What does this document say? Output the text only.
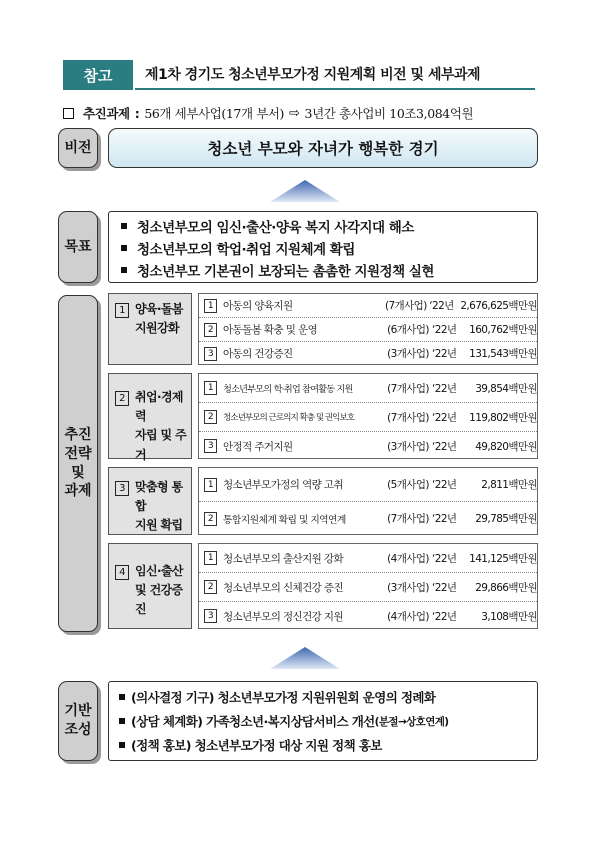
참고	제1차 경기도 청소년부모가정 지원계획 비전 및 세부과제
추진과제 : 56개 세부사업(17개 부서) ⇨ 3년간 총사업비 10조3,084억원
비전	청소년 부모와 자녀가 행복한 경기
목표
청소년부모의 임신·출산·양육 복지 사각지대 해소
청소년부모의 학업·취업 지원체계 확립
청소년부모 기본권이 보장되는 촘촘한 지원정책 실현
추진
전략
및
과제
1 양육·돌봄
지원강화
1 아동의 양육지원	(7개사업) ‘22년 2,676,625백만원
2 아동돌봄 확충 및 운영	(6개사업) ‘22년	160,762백만원
3 아동의 건강증진	(3개사업) ‘22년	131,543백만원
2 취업·경제력
자립 및 주거

1	청소년부모의 학·취업 참여활동 지원	(7개사업) ‘22년	39,854백만원
2	청소년부모의 근로의지 확충 및 권익보호	(7개사업) ‘22년	119,802백만원
3 안정적 주거지원	(3개사업) ‘22년	49,820백만원
3 맞춤형 통합
지원 확립
1 청소년부모가정의 역량 고취	(5개사업) ‘22년	2,811백만원
2	통합지원체계 확립 및 지역연계	(7개사업) ‘22년	29,785백만원
4 임신·출산
및 건강증진
1 청소년부모의 출산지원 강화	(4개사업) ‘22년	141,125백만원
2 청소년부모의 신체건강 증진	(3개사업) ‘22년	29,866백만원
3 청소년부모의 정신건강 지원	(4개사업) ‘22년	3,108백만원
기반
조성
(의사결정 기구) 청소년부모가정 지원위원회 운영의 정례화
(상담 체계화) 가족청소년·복지상담서비스 개선 (분절→상호연계)
(정책 홍보) 청소년부모가정 대상 지원 정책 홍보
